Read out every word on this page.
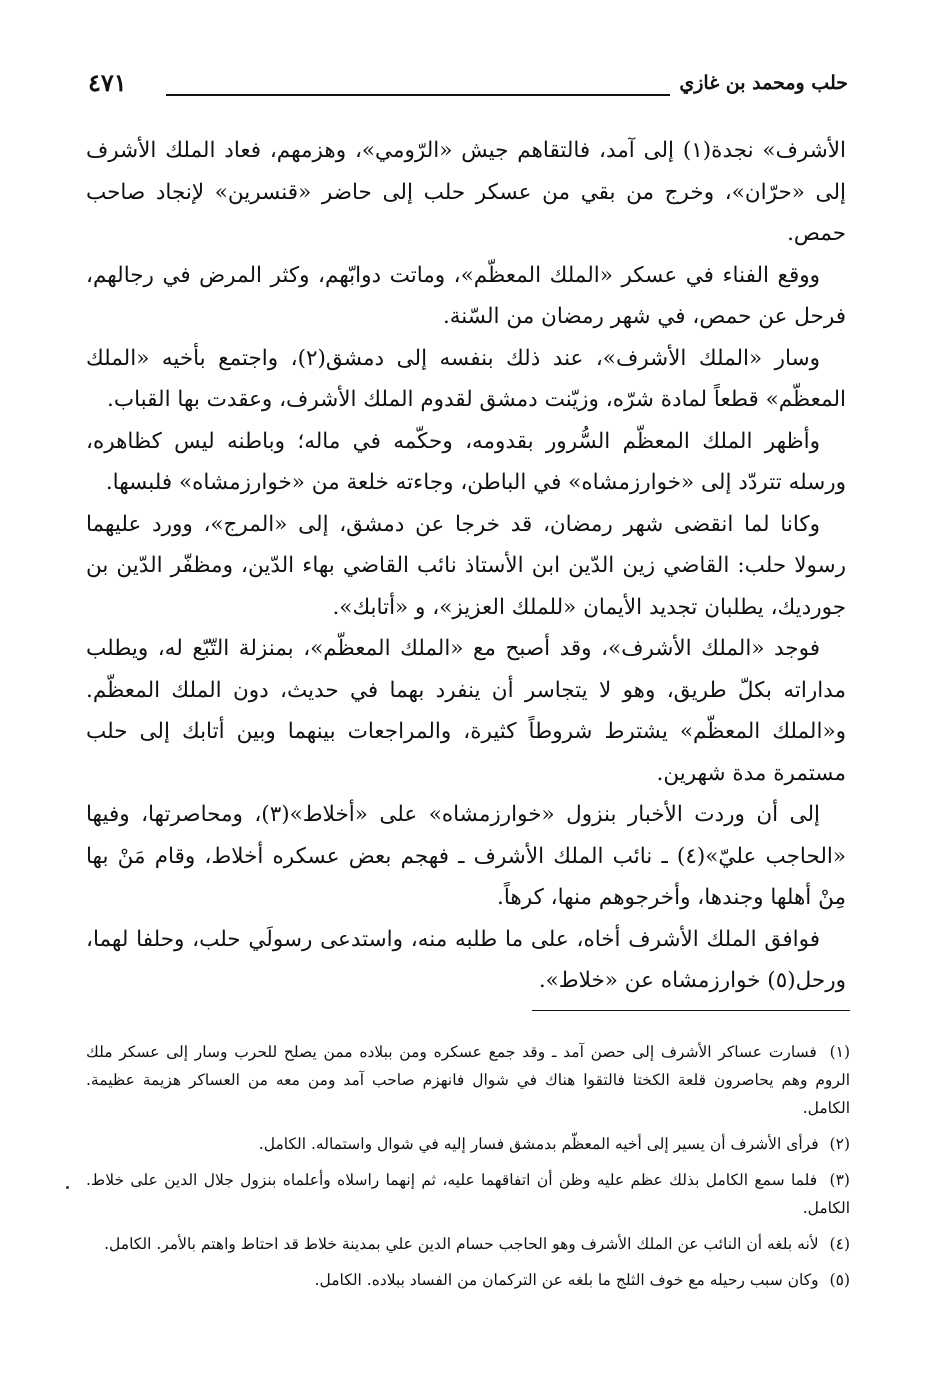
حلب ومحمد بن غازي
٤٧١

الأشرف» نجدة(١) إلى آمد، فالتقاهم جيش «الرّومي»، وهزمهم، فعاد الملك الأشرف إلى «حرّان»، وخرج من بقي من عسكر حلب إلى حاضر «قنسرين» لإنجاد صاحب حمص.

ووقع الفناء في عسكر «الملك المعظّم»، وماتت دوابّهم، وكثر المرض في رجالهم، فرحل عن حمص، في شهر رمضان من السّنة.

وسار «الملك الأشرف»، عند ذلك بنفسه إلى دمشق(٢)، واجتمع بأخيه «الملك المعظّم» قطعاً لمادة شرّه، وزيّنت دمشق لقدوم الملك الأشرف، وعقدت بها القباب.

وأظهر الملك المعظّم السُّرور بقدومه، وحكّمه في ماله؛ وباطنه ليس كظاهره، ورسله تتردّد إلى «خوارزمشاه» في الباطن، وجاءته خلعة من «خوارزمشاه» فلبسها.

وكانا لما انقضى شهر رمضان، قد خرجا عن دمشق، إلى «المرج»، وورد عليهما رسولا حلب: القاضي زين الدّين ابن الأستاذ نائب القاضي بهاء الدّين، ومظفّر الدّين بن جورديك، يطلبان تجديد الأيمان «للملك العزيز»، و «أتابك».

فوجد «الملك الأشرف»، وقد أصبح مع «الملك المعظّم»، بمنزلة التّبّع له، ويطلب مداراته بكلّ طريق، وهو لا يتجاسر أن ينفرد بهما في حديث، دون الملك المعظّم. و«الملك المعظّم» يشترط شروطاً كثيرة، والمراجعات بينهما وبين أتابك إلى حلب مستمرة مدة شهرين.

إلى أن وردت الأخبار بنزول «خوارزمشاه» على «أخلاط»(٣)، ومحاصرتها، وفيها «الحاجب عليّ»(٤) ـ نائب الملك الأشرف ـ فهجم بعض عسكره أخلاط، وقام مَنْ بها مِنْ أهلها وجندها، وأخرجوهم منها، كرهاً.

فوافق الملك الأشرف أخاه، على ما طلبه منه، واستدعى رسولَي حلب، وحلفا لهما، ورحل(٥) خوارزمشاه عن «خلاط».

(١) فسارت عساكر الأشرف إلى حصن آمد ـ وقد جمع عسكره ومن ببلاده ممن يصلح للحرب وسار إلى عسكر ملك الروم وهم يحاصرون قلعة الكختا فالتقوا هناك في شوال فانهزم صاحب آمد ومن معه من العساكر هزيمة عظيمة. الكامل.

(٢) فرأى الأشرف أن يسير إلى أخيه المعظّم بدمشق فسار إليه في شوال واستماله. الكامل.

(٣) فلما سمع الكامل بذلك عظم عليه وظن أن اتفاقهما عليه، ثم إنهما راسلاه وأعلماه بنزول جلال الدين على خلاط. الكامل.

(٤) لأنه بلغه أن النائب عن الملك الأشرف وهو الحاجب حسام الدين علي بمدينة خلاط قد احتاط واهتم بالأمر. الكامل.

(٥) وكان سبب رحيله مع خوف الثلج ما بلغه عن التركمان من الفساد ببلاده. الكامل.
